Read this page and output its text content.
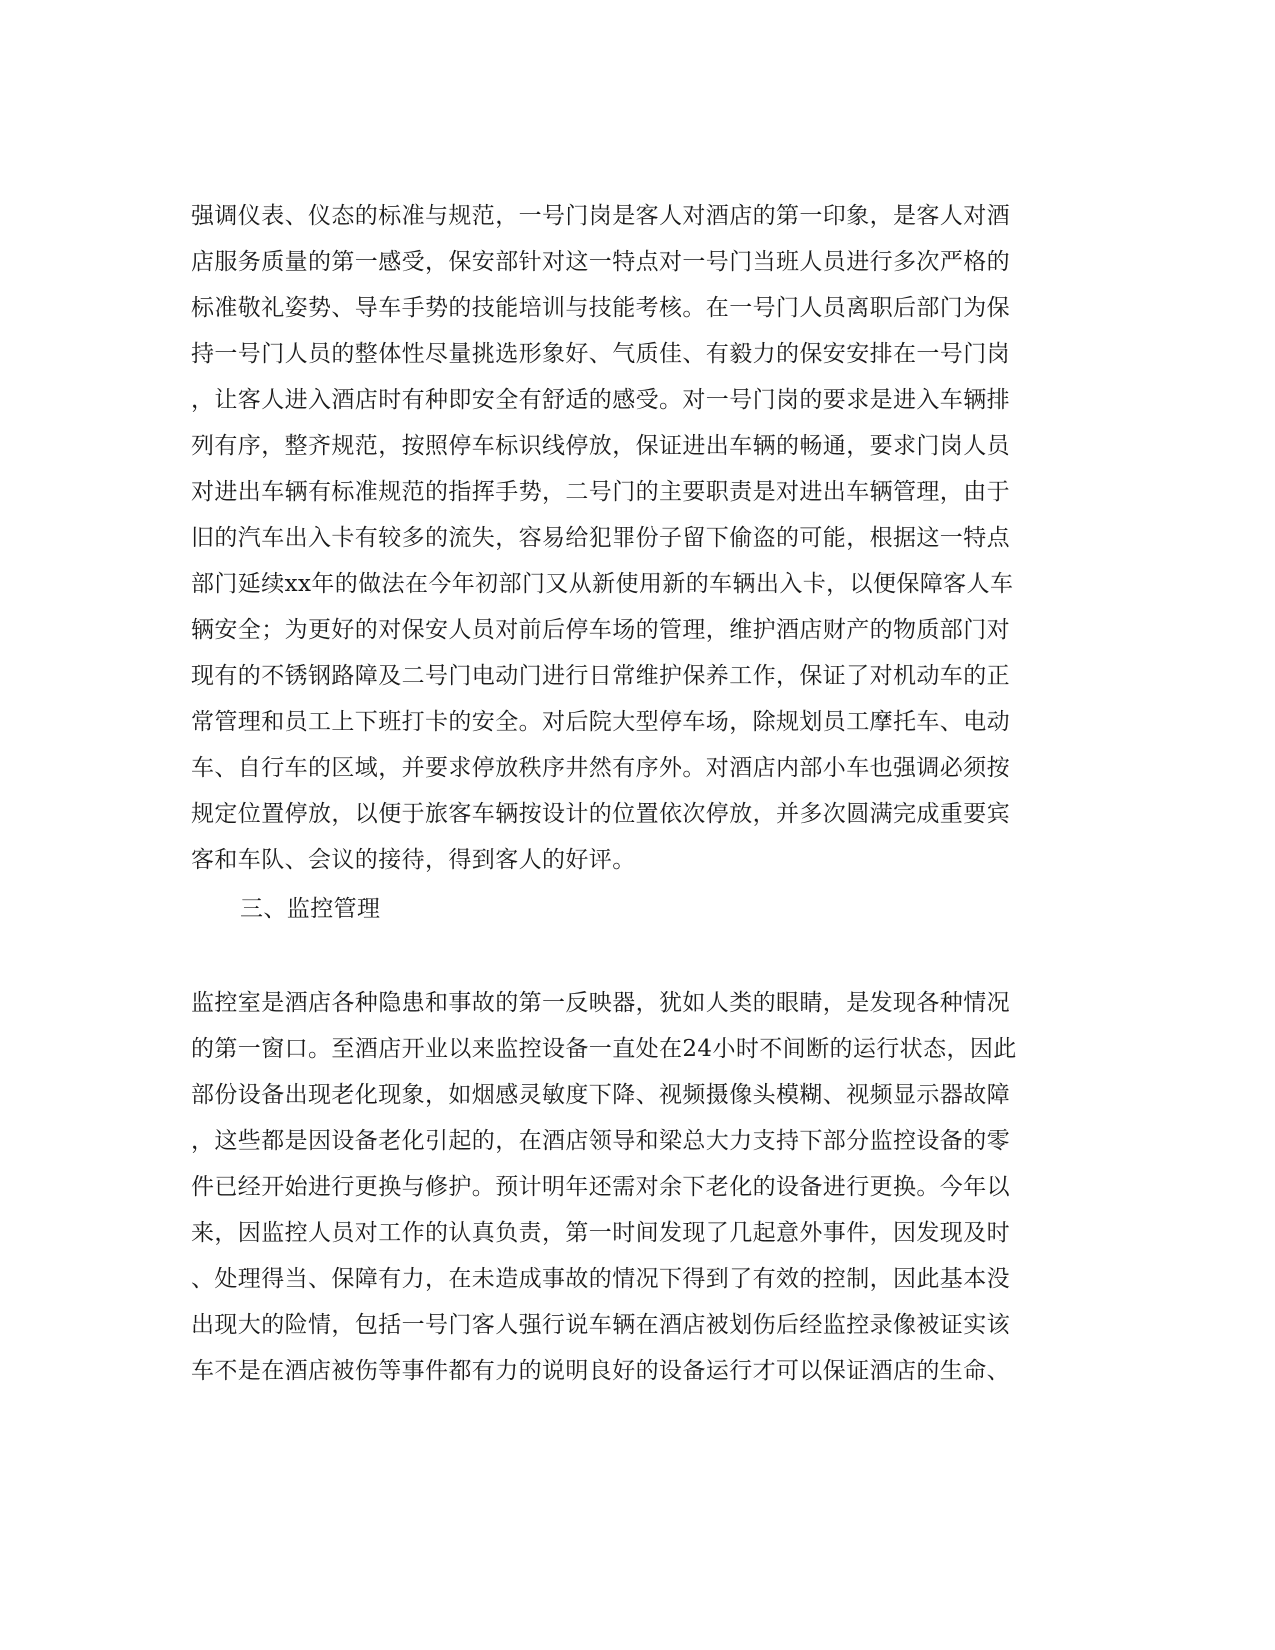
强调仪表、仪态的标准与规范，一号门岗是客人对酒店的第一印象，是客人对酒
店服务质量的第一感受，保安部针对这一特点对一号门当班人员进行多次严格的
标准敬礼姿势、导车手势的技能培训与技能考核。在一号门人员离职后部门为保
持一号门人员的整体性尽量挑选形象好、气质佳、有毅力的保安安排在一号门岗
，让客人进入酒店时有种即安全有舒适的感受。对一号门岗的要求是进入车辆排
列有序，整齐规范，按照停车标识线停放，保证进出车辆的畅通，要求门岗人员
对进出车辆有标准规范的指挥手势，二号门的主要职责是对进出车辆管理，由于
旧的汽车出入卡有较多的流失，容易给犯罪份子留下偷盗的可能，根据这一特点
部门延续xx年的做法在今年初部门又从新使用新的车辆出入卡，以便保障客人车
辆安全；为更好的对保安人员对前后停车场的管理，维护酒店财产的物质部门对
现有的不锈钢路障及二号门电动门进行日常维护保养工作，保证了对机动车的正
常管理和员工上下班打卡的安全。对后院大型停车场，除规划员工摩托车、电动
车、自行车的区域，并要求停放秩序井然有序外。对酒店内部小车也强调必须按
规定位置停放，以便于旅客车辆按设计的位置依次停放，并多次圆满完成重要宾
客和车队、会议的接待，得到客人的好评。
三、监控管理
监控室是酒店各种隐患和事故的第一反映器，犹如人类的眼睛，是发现各种情况
的第一窗口。至酒店开业以来监控设备一直处在24小时不间断的运行状态，因此
部份设备出现老化现象，如烟感灵敏度下降、视频摄像头模糊、视频显示器故障
，这些都是因设备老化引起的，在酒店领导和梁总大力支持下部分监控设备的零
件已经开始进行更换与修护。预计明年还需对余下老化的设备进行更换。今年以
来，因监控人员对工作的认真负责，第一时间发现了几起意外事件，因发现及时
、处理得当、保障有力，在未造成事故的情况下得到了有效的控制，因此基本没
出现大的险情，包括一号门客人强行说车辆在酒店被划伤后经监控录像被证实该
车不是在酒店被伤等事件都有力的说明良好的设备运行才可以保证酒店的生命、
